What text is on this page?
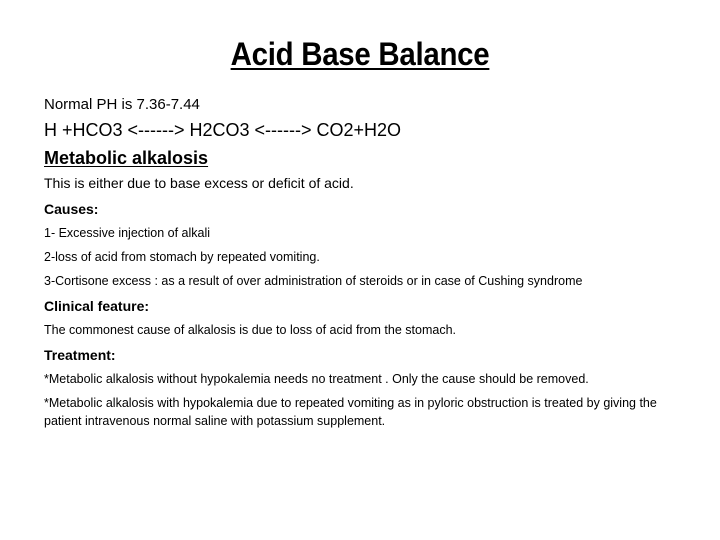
Acid Base Balance

Normal PH is 7.36-7.44

H +HCO3 <------> H2CO3 <------> CO2+H2O

Metabolic alkalosis

This is either due to base excess or deficit of acid.

Causes:

1- Excessive injection of alkali

2-loss of acid from stomach by repeated vomiting.

3-Cortisone excess : as a result of over administration of steroids or in case of Cushing syndrome

Clinical feature:

The commonest cause of alkalosis is due to loss of acid from the stomach.

Treatment:

*Metabolic alkalosis without hypokalemia needs no treatment . Only the cause should be removed.

*Metabolic alkalosis with hypokalemia due to repeated vomiting as in pyloric obstruction is treated by giving the patient intravenous normal saline with potassium supplement.
